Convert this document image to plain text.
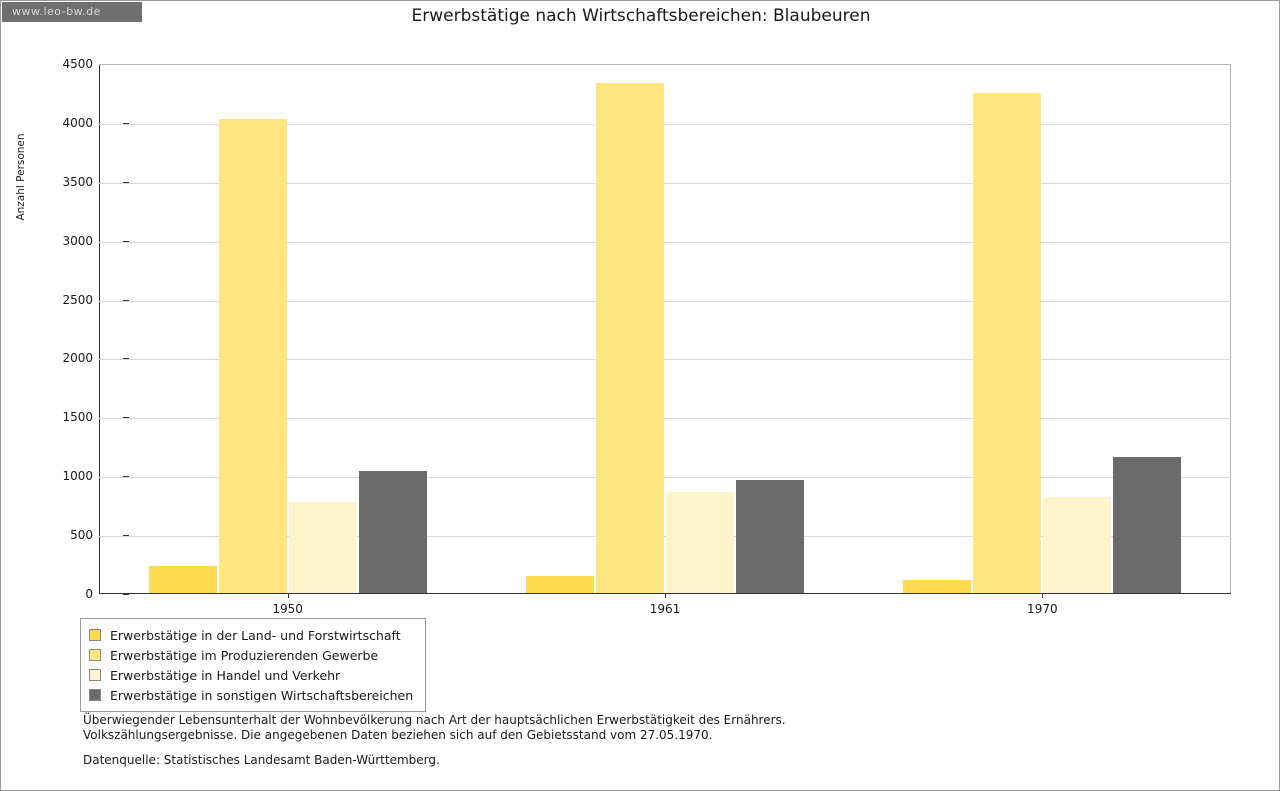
www.leo-bw.de	Erwerbstätige nach Wirtschaftsbereichen: Blaubeuren
Anzahl Personen
0
500
1000
1500
2000
2500
3000
3500
4000
4500
Erwerbstätige in der Land- und Forstwirtschaft
Erwerbstätige im Produzierenden Gewerbe
Erwerbstätige in Handel und Verkehr
Erwerbstätige in sonstigen Wirtschaftsbereichen
Überwiegender Lebensunterhalt der Wohnbevölkerung nach Art der hauptsächlichen Erwerbstätigkeit des Ernährers.
Volkszählungsergebnisse. Die angegebenen Daten beziehen sich auf den Gebietsstand vom 27.05.1970.
Datenquelle: Statistisches Landesamt Baden-Württemberg.
1950	1961	1970
